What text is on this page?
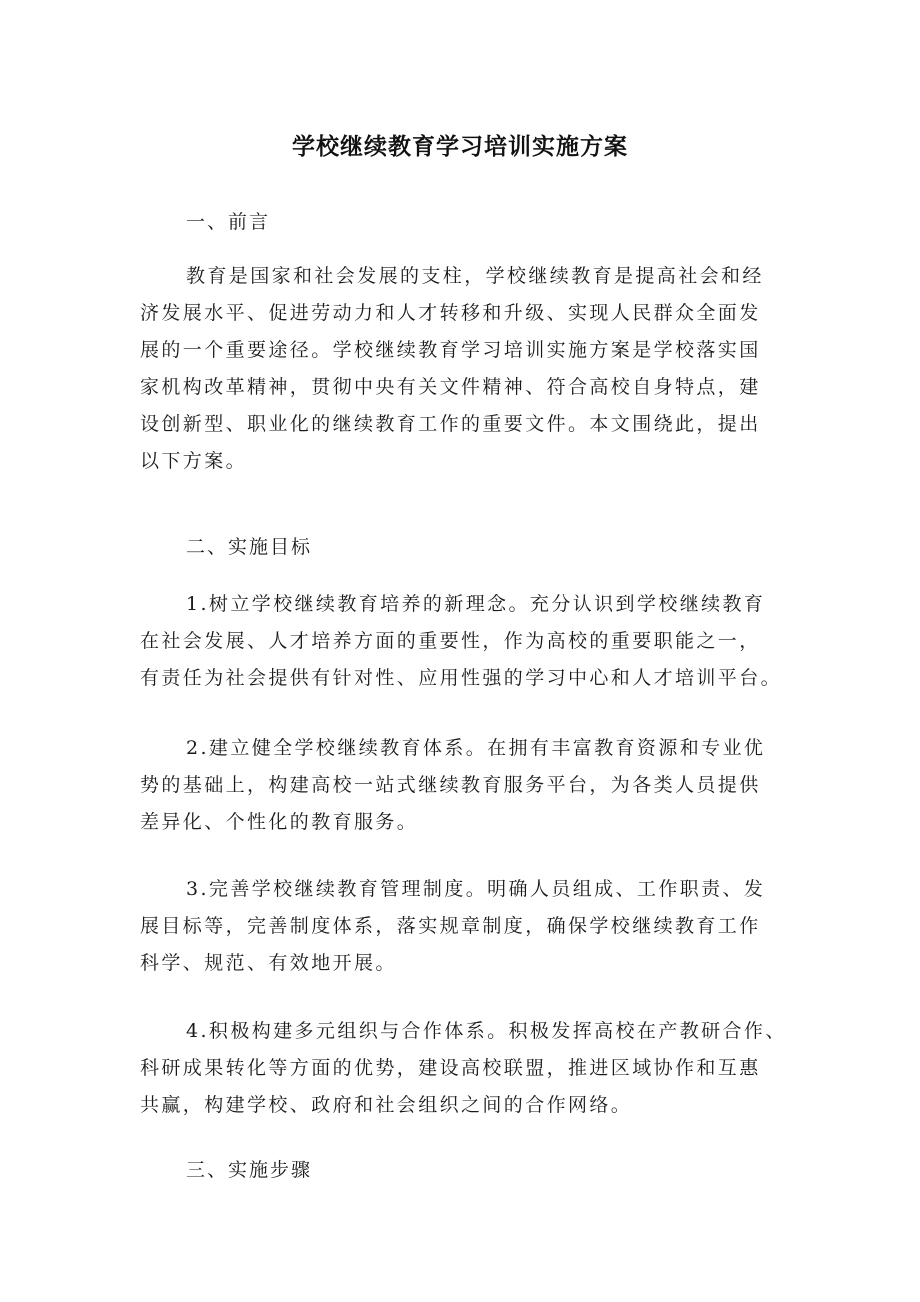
学校继续教育学习培训实施方案
一、前言
教育是国家和社会发展的支柱，学校继续教育是提高社会和经
济发展水平、促进劳动力和人才转移和升级、实现人民群众全面发
展的一个重要途径。学校继续教育学习培训实施方案是学校落实国
家机构改革精神，贯彻中央有关文件精神、符合高校自身特点，建
设创新型、职业化的继续教育工作的重要文件。本文围绕此，提出
以下方案。
二、实施目标
1.树立学校继续教育培养的新理念。充分认识到学校继续教育
在社会发展、人才培养方面的重要性，作为高校的重要职能之一，
有责任为社会提供有针对性、应用性强的学习中心和人才培训平台。
2.建立健全学校继续教育体系。在拥有丰富教育资源和专业优
势的基础上，构建高校一站式继续教育服务平台，为各类人员提供
差异化、个性化的教育服务。
3.完善学校继续教育管理制度。明确人员组成、工作职责、发
展目标等，完善制度体系，落实规章制度，确保学校继续教育工作
科学、规范、有效地开展。
4.积极构建多元组织与合作体系。积极发挥高校在产教研合作、
科研成果转化等方面的优势，建设高校联盟，推进区域协作和互惠
共赢，构建学校、政府和社会组织之间的合作网络。
三、实施步骤
